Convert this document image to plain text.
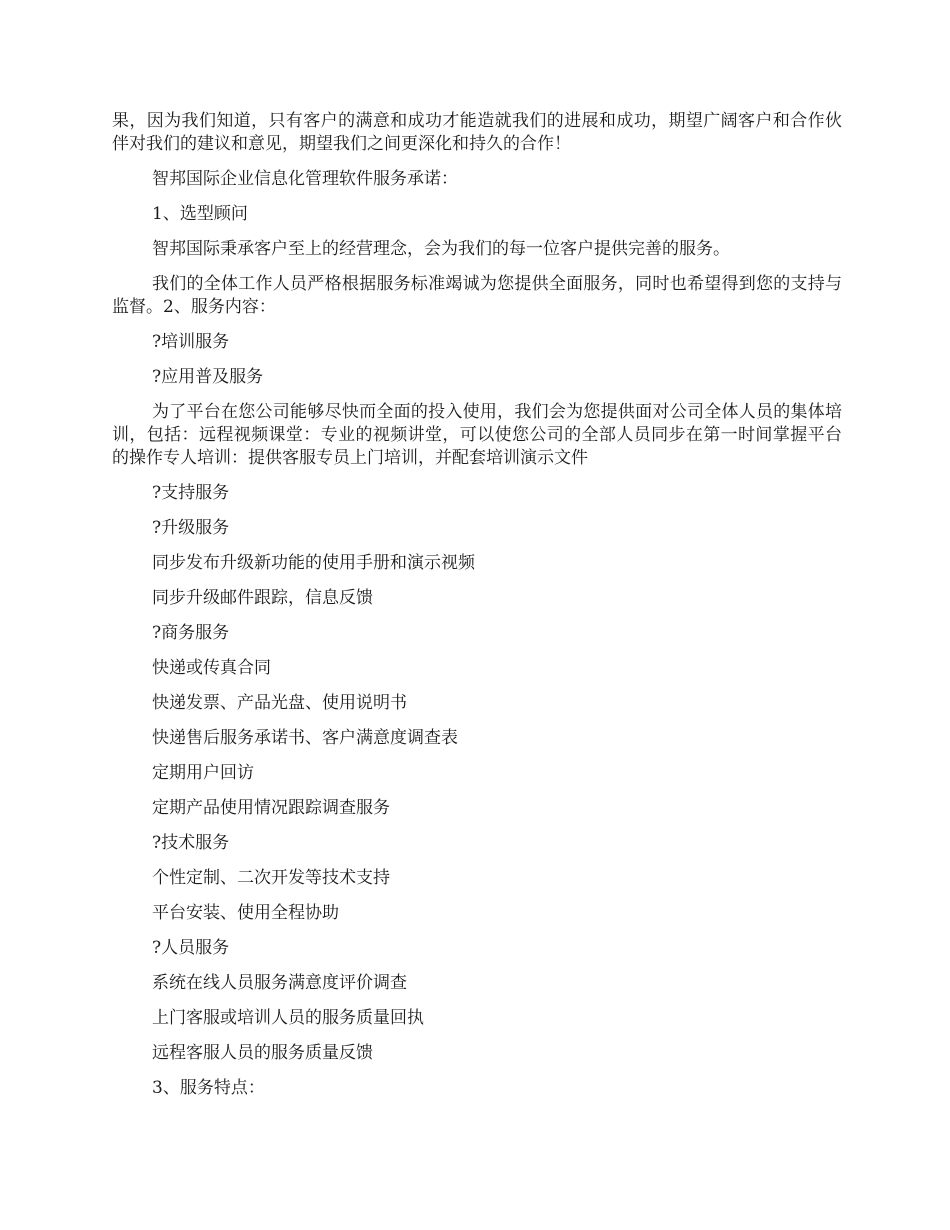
果，因为我们知道，只有客户的满意和成功才能造就我们的进展和成功，期望广阔客户和合作伙伴对我们的建议和意见，期望我们之间更深化和持久的合作！

智邦国际企业信息化管理软件服务承诺：

1、选型顾问

智邦国际秉承客户至上的经营理念，会为我们的每一位客户提供完善的服务。

我们的全体工作人员严格根据服务标准竭诚为您提供全面服务，同时也希望得到您的支持与监督。2、服务内容：

?培训服务

?应用普及服务

为了平台在您公司能够尽快而全面的投入使用，我们会为您提供面对公司全体人员的集体培训，包括：远程视频课堂：专业的视频讲堂，可以使您公司的全部人员同步在第一时间掌握平台的操作专人培训：提供客服专员上门培训，并配套培训演示文件

?支持服务

?升级服务

同步发布升级新功能的使用手册和演示视频

同步升级邮件跟踪，信息反馈

?商务服务

快递或传真合同

快递发票、产品光盘、使用说明书

快递售后服务承诺书、客户满意度调查表

定期用户回访

定期产品使用情况跟踪调查服务

?技术服务

个性定制、二次开发等技术支持

平台安装、使用全程协助

?人员服务

系统在线人员服务满意度评价调查

上门客服或培训人员的服务质量回执

远程客服人员的服务质量反馈

3、服务特点：
